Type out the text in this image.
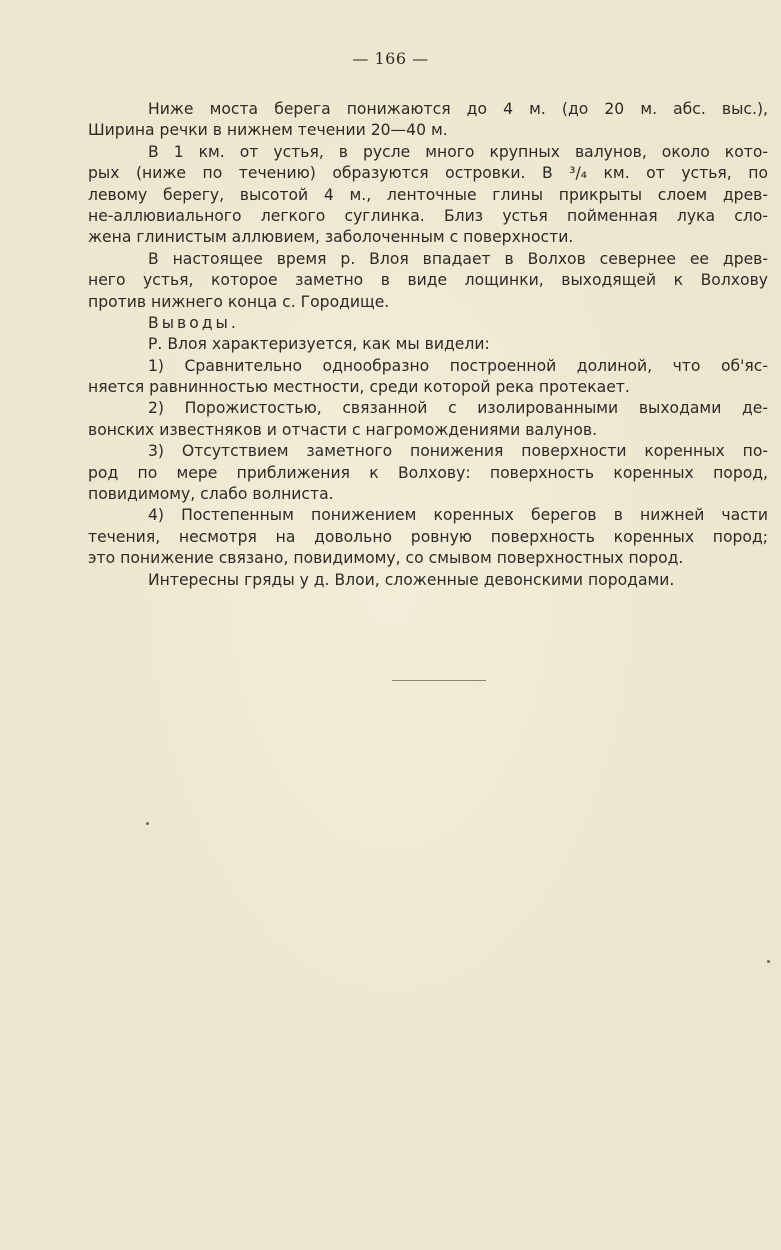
— 166 —
Ниже моста берега понижаются до 4 м. (до 20 м. абс. выс.),
Ширина речки в нижнем течении 20—40 м.
В 1 км. от устья, в русле много крупных валунов, около кото-
рых (ниже по течению) образуются островки. В ³/₄ км. от устья, по
левому берегу, высотой 4 м., ленточные глины прикрыты слоем древ-
не-аллювиального легкого суглинка. Близ устья пойменная лука сло-
жена глинистым аллювием, заболоченным с поверхности.
В настоящее время р. Влоя впадает в Волхов севернее ее древ-
него устья, которое заметно в виде лощинки, выходящей к Волхову
против нижнего конца с. Городище.
Выводы.
Р. Влоя характеризуется, как мы видели:
1) Сравнительно однообразно построенной долиной, что об'яс-
няется равнинностью местности, среди которой река протекает.
2) Порожистостью, связанной с изолированными выходами де-
вонских известняков и отчасти с нагромождениями валунов.
3) Отсутствием заметного понижения поверхности коренных по-
род по мере приближения к Волхову: поверхность коренных пород,
повидимому, слабо волниста.
4) Постепенным понижением коренных берегов в нижней части
течения, несмотря на довольно ровную поверхность коренных пород;
это понижение связано, повидимому, со смывом поверхностных пород.
Интересны гряды у д. Влои, сложенные девонскими породами.
